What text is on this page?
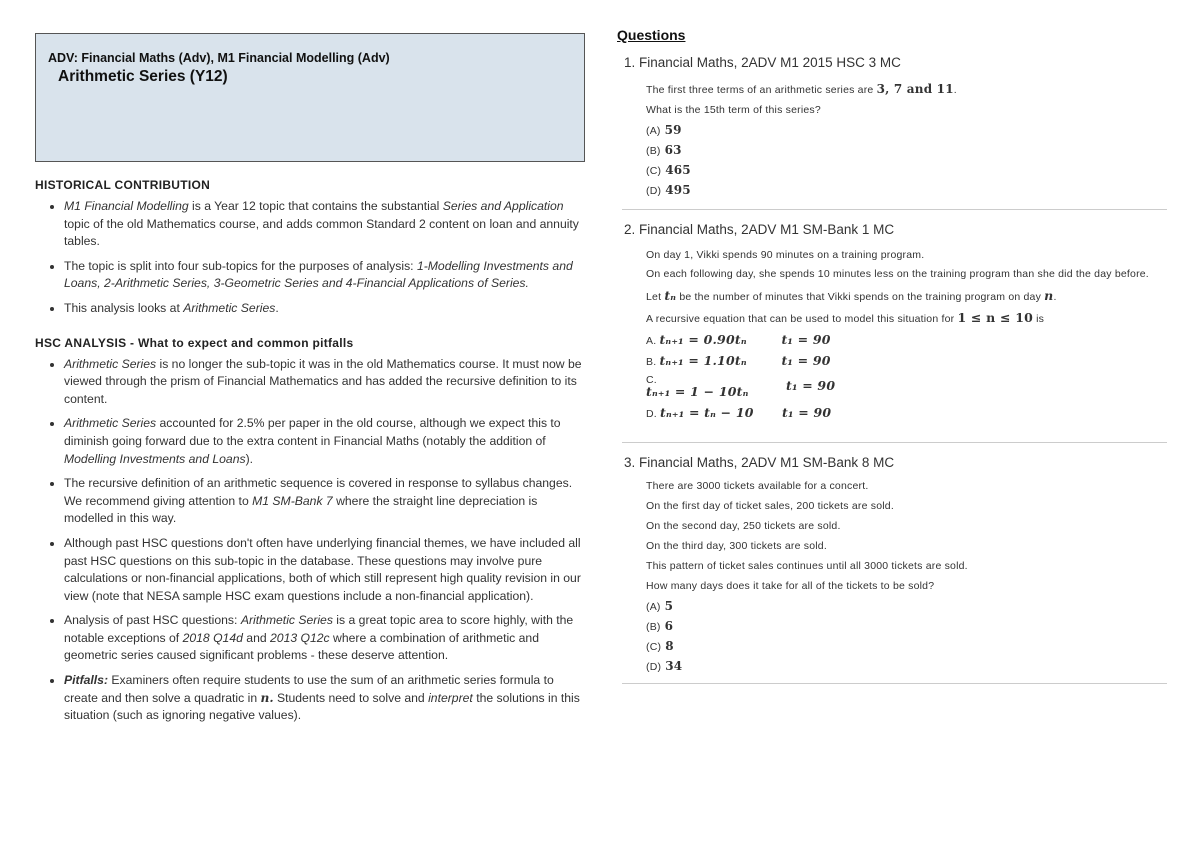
ADV: Financial Maths (Adv), M1 Financial Modelling (Adv)
Arithmetic Series (Y12)
HISTORICAL CONTRIBUTION
• M1 Financial Modelling is a Year 12 topic that contains the substantial Series and Application topic of the old Mathematics course, and adds common Standard 2 content on loan and annuity tables.
• The topic is split into four sub-topics for the purposes of analysis: 1-Modelling Investments and Loans, 2-Arithmetic Series, 3-Geometric Series and 4-Financial Applications of Series.
• This analysis looks at Arithmetic Series.
HSC ANALYSIS - What to expect and common pitfalls
• Arithmetic Series is no longer the sub-topic it was in the old Mathematics course. It must now be viewed through the prism of Financial Mathematics and has added the recursive definition to its content.
• Arithmetic Series accounted for 2.5% per paper in the old course, although we expect this to diminish going forward due to the extra content in Financial Maths (notably the addition of Modelling Investments and Loans).
• The recursive definition of an arithmetic sequence is covered in response to syllabus changes. We recommend giving attention to M1 SM-Bank 7 where the straight line depreciation is modelled in this way.
• Although past HSC questions don't often have underlying financial themes, we have included all past HSC questions on this sub-topic in the database. These questions may involve pure calculations or non-financial applications, both of which still represent high quality revision in our view (note that NESA sample HSC exam questions include a non-financial application).
• Analysis of past HSC questions: Arithmetic Series is a great topic area to score highly, with the notable exceptions of 2018 Q14d and 2013 Q12c where a combination of arithmetic and geometric series caused significant problems - these deserve attention.
• Pitfalls: Examiners often require students to use the sum of an arithmetic series formula to create and then solve a quadratic in n. Students need to solve and interpret the solutions in this situation (such as ignoring negative values).
Questions
1. Financial Maths, 2ADV M1 2015 HSC 3 MC

The first three terms of an arithmetic series are 3, 7 and 11.

What is the 15th term of this series?

(A) 59

(B) 63

(C) 465

(D) 495

2. Financial Maths, 2ADV M1 SM-Bank 1 MC

On day 1, Vikki spends 90 minutes on a training program.

On each following day, she spends 10 minutes less on the training program than she did the day before.

Let tₙ be the number of minutes that Vikki spends on the training program on day n.

A recursive equation that can be used to model this situation for 1 ≤ n ≤ 10 is

A. tₙ₊₁ = 0.90tₙ	t₁ = 90

B. tₙ₊₁ = 1.10tₙ	t₁ = 90

C.
tₙ₊₁ = 1 − 10tₙ	t₁ = 90

D. tₙ₊₁ = tₙ − 10 t₁ = 90

3. Financial Maths, 2ADV M1 SM-Bank 8 MC

There are 3000 tickets available for a concert.

On the first day of ticket sales, 200 tickets are sold.

On the second day, 250 tickets are sold.

On the third day, 300 tickets are sold.

This pattern of ticket sales continues until all 3000 tickets are sold.

How many days does it take for all of the tickets to be sold?

(A) 5

(B) 6

(C) 8

(D) 34
